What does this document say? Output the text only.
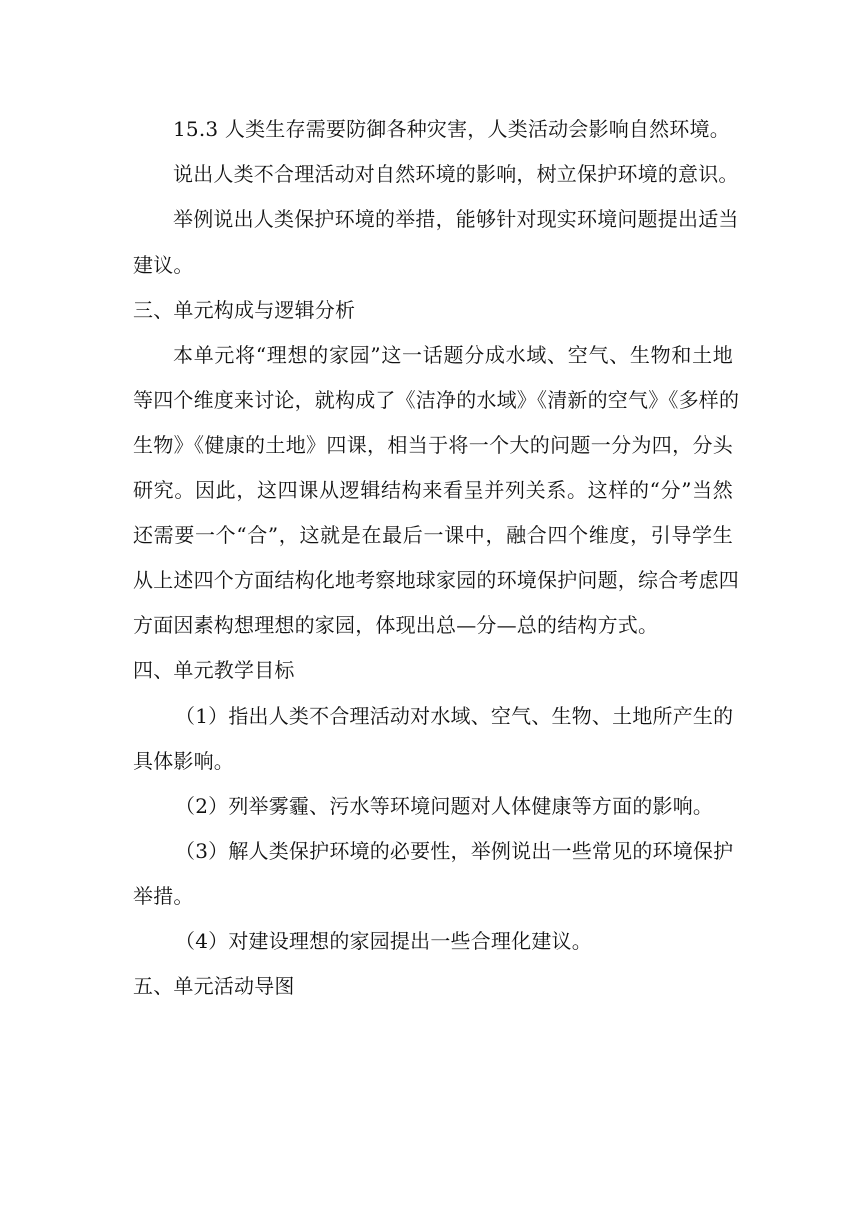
15.3 人类生存需要防御各种灾害，人类活动会影响自然环境。
说出人类不合理活动对自然环境的影响，树立保护环境的意识。
举例说出人类保护环境的举措，能够针对现实环境问题提出适当
建议。
三、单元构成与逻辑分析
本单元将“理想的家园”这一话题分成水域、空气、生物和土地
等四个维度来讨论，就构成了《洁净的水域》《清新的空气》《多样的
生物》《健康的土地》四课，相当于将一个大的问题一分为四，分头
研究。因此，这四课从逻辑结构来看呈并列关系。这样的“分”当然
还需要一个“合”，这就是在最后一课中，融合四个维度，引导学生
从上述四个方面结构化地考察地球家园的环境保护问题，综合考虑四
方面因素构想理想的家园，体现出总—分—总的结构方式。
四、单元教学目标
（1）指出人类不合理活动对水域、空气、生物、土地所产生的
具体影响。
（2）列举雾霾、污水等环境问题对人体健康等方面的影响。
（3）解人类保护环境的必要性，举例说出一些常见的环境保护
举措。
（4）对建设理想的家园提出一些合理化建议。
五、单元活动导图
